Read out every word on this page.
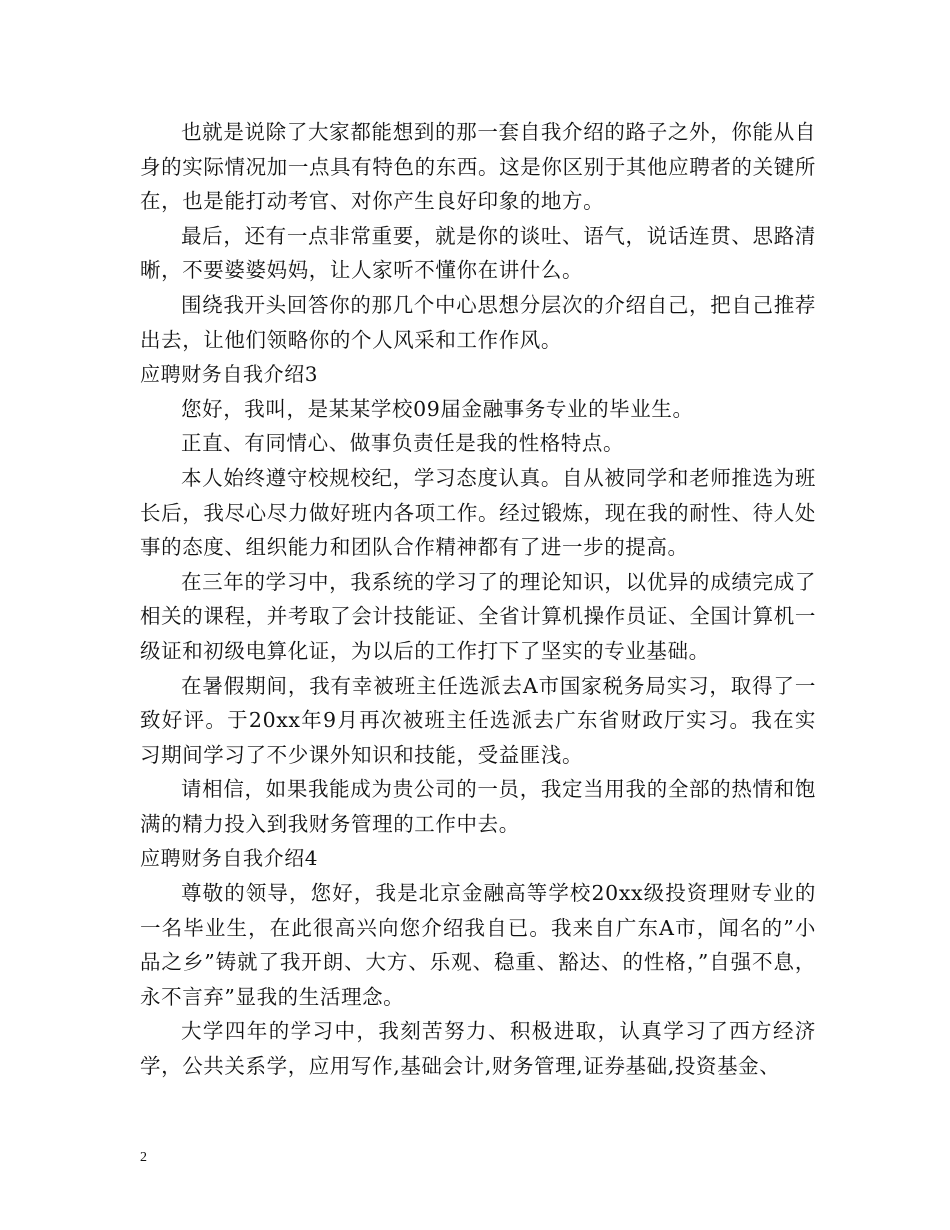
也就是说除了大家都能想到的那一套自我介绍的路子之外，你能从自身的实际情况加一点具有特色的东西。这是你区别于其他应聘者的关键所在，也是能打动考官、对你产生良好印象的地方。

最后，还有一点非常重要，就是你的谈吐、语气，说话连贯、思路清晰，不要婆婆妈妈，让人家听不懂你在讲什么。

围绕我开头回答你的那几个中心思想分层次的介绍自己，把自己推荐出去，让他们领略你的个人风采和工作作风。

应聘财务自我介绍3

您好，我叫，是某某学校09届金融事务专业的毕业生。

正直、有同情心、做事负责任是我的性格特点。

本人始终遵守校规校纪，学习态度认真。自从被同学和老师推选为班长后，我尽心尽力做好班内各项工作。经过锻炼，现在我的耐性、待人处事的态度、组织能力和团队合作精神都有了进一步的提高。

在三年的学习中，我系统的学习了的理论知识，以优异的成绩完成了相关的课程，并考取了会计技能证、全省计算机操作员证、全国计算机一级证和初级电算化证，为以后的工作打下了坚实的专业基础。

在暑假期间，我有幸被班主任选派去A市国家税务局实习，取得了一致好评。于20xx年9月再次被班主任选派去广东省财政厅实习。我在实习期间学习了不少课外知识和技能，受益匪浅。

请相信，如果我能成为贵公司的一员，我定当用我的全部的热情和饱满的精力投入到我财务管理的工作中去。

应聘财务自我介绍4

尊敬的领导，您好，我是北京金融高等学校20xx级投资理财专业的一名毕业生，在此很高兴向您介绍我自已。我来自广东A市，闻名的”小品之乡”铸就了我开朗、大方、乐观、稳重、豁达、的性格，”自强不息，永不言弃”显我的生活理念。

大学四年的学习中，我刻苦努力、积极进取，认真学习了西方经济学，公共关系学，应用写作,基础会计,财务管理,证券基础,投资基金、

2
